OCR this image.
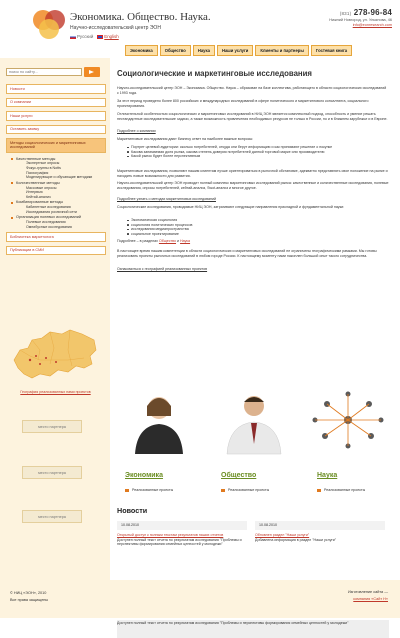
Экономика. Общество. Наука.
Научно-исследовательский центр ЭОН
Русский	English
(831) 278-96-84
Нижний Новгород, ул. Ульянова, 46
info@eonresearch.com
Экономика	Общество	Наука	Наши услуги	Клиенты и партнеры	Гостевая книга
поиск по сайту...
Новости
О компании
Наши услуги
Оставить заявку
Методы социологических и маркетинговых исследований
Качественные методы
Экспертные опросы
Фокус-группы в Notts
Психография
Моделирующие и обучающие методики
Количественные методы
Массовые опросы
Интервью
Кейтай-анализ
Комбинированные методы
Кабинетные исследования
Исследования розничной сети
Организация полевых исследований
Полевые исследования
Омнибусные исследования
Библиотека маркетолога
Публикации в СМИ
География реализованных нами проектов
место партнера
место партнера
место партнера
Социологические и маркетинговые исследования
Научно-исследовательский центр ЭОН – Экономика. Общество. Наука – образован на базе коллектива, работающего в области социологических исследований с 1993 года.
За этот период проведено более 800 российских и международных исследований в сфере политического и маркетингового консалтинга, социального проектирования.
Отличительной особенностью социологических и маркетинговых исследований в НИЦ ЭОН является комплексный подход, способность и умение решать нестандартные исследовательские задачи, а также возможность привлечения необходимых ресурсов не только в России, но и в ближнем зарубежье и в Европе.
Подробнее о компании
Маркетинговые исследования дают бизнесу ответ на наиболее важные вопросы:
Портрет целевой аудитории: сколько потребителей, откуда они берут информацию и как принимают решение о покупке
Какова занимаемая доля рынка, какова степень доверия потребителей данной торговой марке или производителю
Какой рынок будет более перспективным
Маркетинговые исследования, позволяют нашим клиентам лучше ориентироваться в рыночной обстановке, адекватно представлять свое положение на рынке и находить новые возможности для развития.
Научно-исследовательский центр ЭОН проводит полный комплекс маркетинговых исследований рынка: качественные и количественные исследования, полевые исследования, опросы потребителей, кейтай-анализ, Swot-анализ и многое другое.
Подробнее узнать о методах маркетинговых исследований
Социологические исследования, проводимые НИЦ ЭОН, затрагивают следующие направления прикладной и фундаментальной науки:
Экономическая социология
социология политических процессов
исследования медиапространства
социальное проектирование
Подробнее – в разделах Общество и Наука
В настоящее время нашим компетенции в области социологических и маркетинговых исследований не ограничены географическими рамками. Мы готовы реализовать проекты рыночных исследований в любом городе России. К настоящему моменту нами накоплен большой опыт такого сотрудничества.
Ознакомиться с географией реализованных проектов
Экономика	Общество	Наука
Реализованные проекты	Реализованные проекты	Реализованные проекты
Новости
10.08.2010
Открытый доступ к полным текстам результатов наших отчетов
Доступен полный текст отчета по результатам исследования "Проблемы и перспективы формирования семейных ценностей у молодежи"
10.08.2010
Обновлен раздел "Наши услуги"
Добавлена информация в раздел "Наши услуги"
Доступен полный текст отчета по результатам исследования "Проблемы и перспективы формирования семейных ценностей у молодежи"
© НИЦ «ЭОН», 2010
Все права защищены
Изготовление сайта —
компания «Сайт Н»
